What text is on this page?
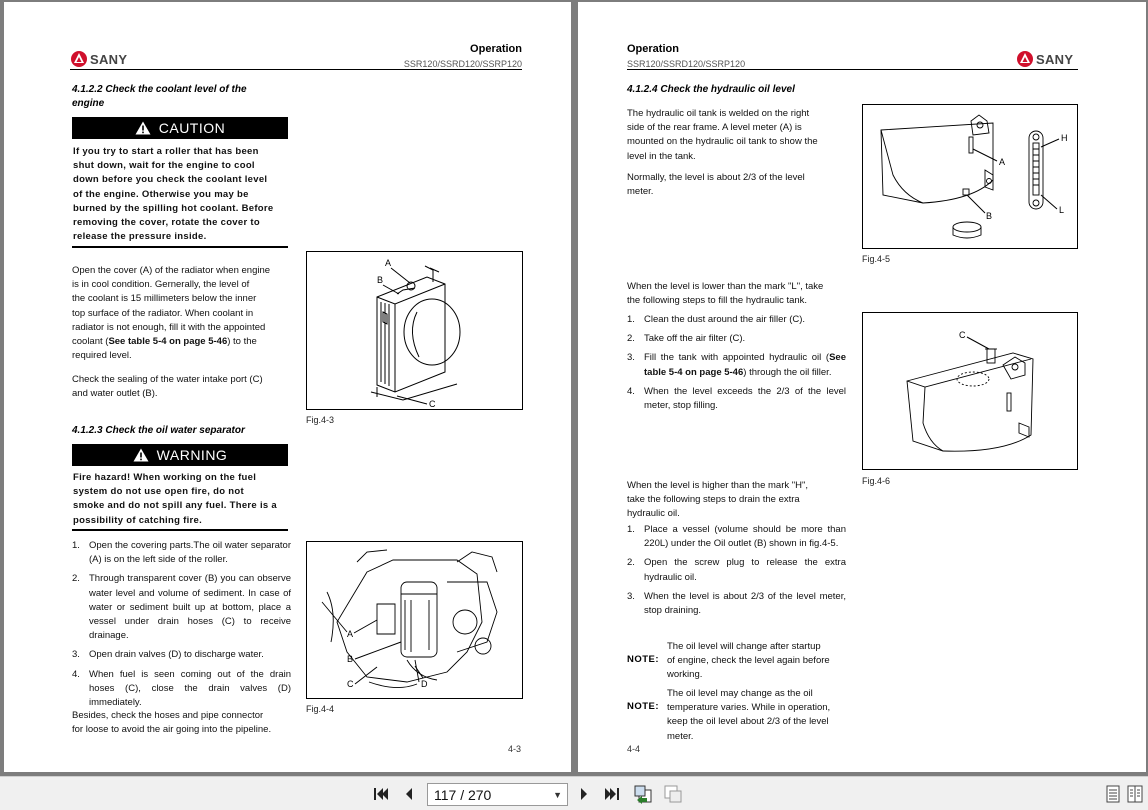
SANY
Operation
SSR120/SSRD120/SSRP120
4.1.2.2 Check the coolant level of the
engine
CAUTION
If you try to start a roller that has been
shut down, wait for the engine to cool
down before you check the coolant level
of the engine. Otherwise you may be
burned by the spilling hot coolant. Before
removing the cover, rotate the cover to
release the pressure inside.
Open the cover (A) of the radiator when engine
is in cool condition. Gernerally, the level of
the coolant is 15 millimeters below the inner
top surface of the radiator. When coolant in
radiator is not enough, fill it with the appointed
coolant (See table 5-4 on page 5-46) to the
required level.
Check the sealing of the water intake port (C)
and water outlet (B).
A
B
C
Fig.4-3
4.1.2.3 Check the oil water separator
WARNING
Fire hazard! When working on the fuel
system do not use open fire, do not
smoke and do not spill any fuel. There is a
possibility of catching fire.
1. Open the covering parts.The oil water separator (A) is on the left side of the roller.
2. Through transparent cover (B) you can observe water level and volume of sediment. In case of water or sediment built up at bottom, place a vessel under drain hoses (C) to receive drainage.
3. Open drain valves (D) to discharge water.
4. When fuel is seen coming out of the drain hoses (C), close the drain valves (D) immediately.
Besides, check the hoses and pipe connector
for loose to avoid the air going into the pipeline.
A
B
C	D
Fig.4-4
4-3
Operation
SSR120/SSRD120/SSRP120	SANY
4.1.2.4 Check the hydraulic oil level
The hydraulic oil tank is welded on the right
side of the rear frame. A level meter (A) is
mounted on the hydraulic oil tank to show the
level in the tank.
Normally, the level is about 2/3 of the level
meter.
A
B
H
L
Fig.4-5
When the level is lower than the mark "L", take
the following steps to fill the hydraulic tank.
1. Clean the dust around the air filler (C).
2. Take off the air filter (C).
3. Fill the tank with appointed hydraulic oil (See table 5-4 on page 5-46) through the oil filler.
4. When the level exceeds the 2/3 of the level meter, stop filling.
C
Fig.4-6
When the level is higher than the mark "H",
take the following steps to drain the extra
hydraulic oil.
1. Place a vessel (volume should be more than 220L) under the Oil outlet (B) shown in fig.4-5.
2. Open the screw plug to release the extra hydraulic oil.
3. When the level is about 2/3 of the level meter, stop draining.
NOTE:
The oil level will change after startup
of engine, check the level again before
working.
NOTE:
The oil level may change as the oil
temperature varies. While in operation,
keep the oil level about 2/3 of the level
meter.
4-4
117 / 270	▼
